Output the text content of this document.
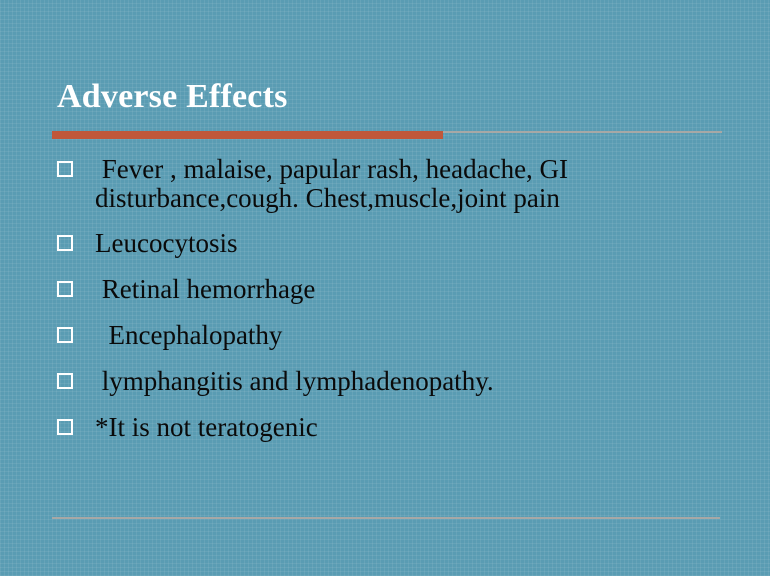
Adverse Effects
Fever , malaise, papular rash, headache, GI disturbance,cough. Chest,muscle,joint pain
Leucocytosis
Retinal hemorrhage
Encephalopathy
lymphangitis and lymphadenopathy.
*It is not teratogenic
